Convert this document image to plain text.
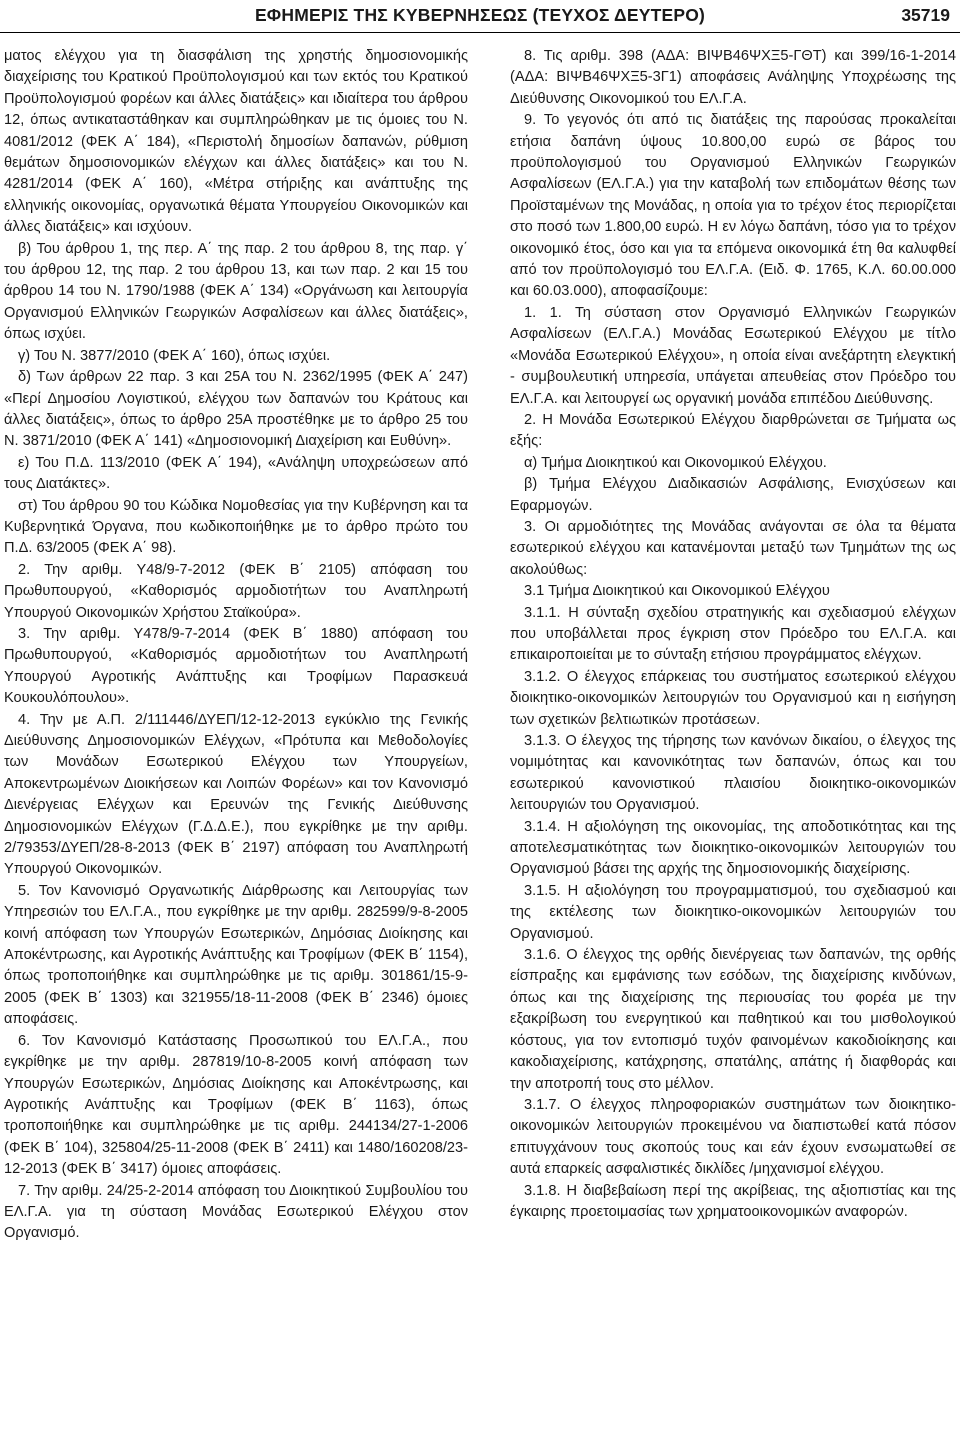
ΕΦΗΜΕΡΙΣ ΤΗΣ ΚΥΒΕΡΝΗΣΕΩΣ (ΤΕΥΧΟΣ ΔΕΥΤΕΡΟ)	35719

ματος ελέγχου για τη διασφάλιση της χρηστής δημοσιονομικής διαχείρισης του Κρατικού Προϋπολογισμού και των εκτός του Κρατικού Προϋπολογισμού φορέων και άλλες διατάξεις» και ιδιαίτερα του άρθρου 12, όπως αντικαταστάθηκαν και συμπληρώθηκαν με τις όμοιες του Ν. 4081/2012 (ΦΕΚ Α΄ 184), «Περιστολή δημοσίων δαπανών, ρύθμιση θεμάτων δημοσιονομικών ελέγχων και άλλες διατάξεις» και του Ν. 4281/2014 (ΦΕΚ Α΄ 160), «Μέτρα στήριξης και ανάπτυξης της ελληνικής οικονομίας, οργανωτικά θέματα Υπουργείου Οικονομικών και άλλες διατάξεις» και ισχύουν.

β) Του άρθρου 1, της περ. Α΄ της παρ. 2 του άρθρου 8, της παρ. γ΄ του άρθρου 12, της παρ. 2 του άρθρου 13, και των παρ. 2 και 15 του άρθρου 14 του Ν. 1790/1988 (ΦΕΚ Α΄ 134) «Οργάνωση και λειτουργία Οργανισμού Ελληνικών Γεωργικών Ασφαλίσεων και άλλες διατάξεις», όπως ισχύει.

γ) Του Ν. 3877/2010 (ΦΕΚ Α΄ 160), όπως ισχύει.

δ) Των άρθρων 22 παρ. 3 και 25Α του Ν. 2362/1995 (ΦΕΚ Α΄ 247) «Περί Δημοσίου Λογιστικού, ελέγχου των δαπανών του Κράτους και άλλες διατάξεις», όπως το άρθρο 25Α προστέθηκε με το άρθρο 25 του Ν. 3871/2010 (ΦΕΚ Α΄ 141) «Δημοσιονομική Διαχείριση και Ευθύνη».

ε) Του Π.Δ. 113/2010 (ΦΕΚ Α΄ 194), «Ανάληψη υποχρεώσεων από τους Διατάκτες».

στ) Του άρθρου 90 του Κώδικα Νομοθεσίας για την Κυβέρνηση και τα Κυβερνητικά Όργανα, που κωδικοποιήθηκε με το άρθρο πρώτο του Π.Δ. 63/2005 (ΦΕΚ Α΄ 98).

2. Την αριθμ. Υ48/9-7-2012 (ΦΕΚ Β΄ 2105) απόφαση του Πρωθυπουργού, «Καθορισμός αρμοδιοτήτων του Αναπληρωτή Υπουργού Οικονομικών Χρήστου Σταϊκούρα».

3. Την αριθμ. Υ478/9-7-2014 (ΦΕΚ Β΄ 1880) απόφαση του Πρωθυπουργού, «Καθορισμός αρμοδιοτήτων του Αναπληρωτή Υπουργού Αγροτικής Ανάπτυξης και Τροφίμων Παρασκευά Κουκουλόπουλου».

4. Την με Α.Π. 2/111446/ΔΥΕΠ/12-12-2013 εγκύκλιο της Γενικής Διεύθυνσης Δημοσιονομικών Ελέγχων, «Πρότυπα και Μεθοδολογίες των Μονάδων Εσωτερικού Ελέγχου των Υπουργείων, Αποκεντρωμένων Διοικήσεων και Λοιπών Φορέων» και τον Κανονισμό Διενέργειας Ελέγχων και Ερευνών της Γενικής Διεύθυνσης Δημοσιονομικών Ελέγχων (Γ.Δ.Δ.Ε.), που εγκρίθηκε με την αριθμ. 2/79353/ΔΥΕΠ/28-8-2013 (ΦΕΚ Β΄ 2197) απόφαση του Αναπληρωτή Υπουργού Οικονομικών.

5. Τον Κανονισμό Οργανωτικής Διάρθρωσης και Λειτουργίας των Υπηρεσιών του ΕΛ.Γ.Α., που εγκρίθηκε με την αριθμ. 282599/9-8-2005 κοινή απόφαση των Υπουργών Εσωτερικών, Δημόσιας Διοίκησης και Αποκέντρωσης, και Αγροτικής Ανάπτυξης και Τροφίμων (ΦΕΚ Β΄ 1154), όπως τροποποιήθηκε και συμπληρώθηκε με τις αριθμ. 301861/15-9-2005 (ΦΕΚ Β΄ 1303) και 321955/18-11-2008 (ΦΕΚ Β΄ 2346) όμοιες αποφάσεις.

6. Τον Κανονισμό Κατάστασης Προσωπικού του ΕΛ.Γ.Α., που εγκρίθηκε με την αριθμ. 287819/10-8-2005 κοινή απόφαση των Υπουργών Εσωτερικών, Δημόσιας Διοίκησης και Αποκέντρωσης, και Αγροτικής Ανάπτυξης και Τροφίμων (ΦΕΚ Β΄ 1163), όπως τροποποιήθηκε και συμπληρώθηκε με τις αριθμ. 244134/27-1-2006 (ΦΕΚ Β΄ 104), 325804/25-11-2008 (ΦΕΚ Β΄ 2411) και 1480/160208/23-12-2013 (ΦΕΚ Β΄ 3417) όμοιες αποφάσεις.

7. Την αριθμ. 24/25-2-2014 απόφαση του Διοικητικού Συμβουλίου του ΕΛ.Γ.Α. για τη σύσταση Μονάδας Εσωτερικού Ελέγχου στον Οργανισμό.

8. Τις αριθμ. 398 (ΑΔΑ: ΒΙΨΒ46ΨΧΞ5-ΓΘΤ) και 399/16-1-2014 (ΑΔΑ: ΒΙΨΒ46ΨΧΞ5-3Γ1) αποφάσεις Ανάληψης Υποχρέωσης της Διεύθυνσης Οικονομικού του ΕΛ.Γ.Α.

9. Το γεγονός ότι από τις διατάξεις της παρούσας προκαλείται ετήσια δαπάνη ύψους 10.800,00 ευρώ σε βάρος του προϋπολογισμού του Οργανισμού Ελληνικών Γεωργικών Ασφαλίσεων (ΕΛ.Γ.Α.) για την καταβολή των επιδομάτων θέσης των Προϊσταμένων της Μονάδας, η οποία για το τρέχον έτος περιορίζεται στο ποσό των 1.800,00 ευρώ. Η εν λόγω δαπάνη, τόσο για το τρέχον οικονομικό έτος, όσο και για τα επόμενα οικονομικά έτη θα καλυφθεί από τον προϋπολογισμό του ΕΛ.Γ.Α. (Ειδ. Φ. 1765, Κ.Λ. 60.00.000 και 60.03.000), αποφασίζουμε:

1. 1. Τη σύσταση στον Οργανισμό Ελληνικών Γεωργικών Ασφαλίσεων (ΕΛ.Γ.Α.) Μονάδας Εσωτερικού Ελέγχου με τίτλο «Μονάδα Εσωτερικού Ελέγχου», η οποία είναι ανεξάρτητη ελεγκτική - συμβουλευτική υπηρεσία, υπάγεται απευθείας στον Πρόεδρο του ΕΛ.Γ.Α. και λειτουργεί ως οργανική μονάδα επιπέδου Διεύθυνσης.

2. Η Μονάδα Εσωτερικού Ελέγχου διαρθρώνεται σε Τμήματα ως εξής:

α) Τμήμα Διοικητικού και Οικονομικού Ελέγχου.

β) Τμήμα Ελέγχου Διαδικασιών Ασφάλισης, Ενισχύσεων και Εφαρμογών.

3. Οι αρμοδιότητες της Μονάδας ανάγονται σε όλα τα θέματα εσωτερικού ελέγχου και κατανέμονται μεταξύ των Τμημάτων της ως ακολούθως:

3.1 Τμήμα Διοικητικού και Οικονομικού Ελέγχου

3.1.1. Η σύνταξη σχεδίου στρατηγικής και σχεδιασμού ελέγχων που υποβάλλεται προς έγκριση στον Πρόεδρο του ΕΛ.Γ.Α. και επικαιροποιείται με το σύνταξη ετήσιου προγράμματος ελέγχων.

3.1.2. Ο έλεγχος επάρκειας του συστήματος εσωτερικού ελέγχου διοικητικο-οικονομικών λειτουργιών του Οργανισμού και η εισήγηση των σχετικών βελτιωτικών προτάσεων.

3.1.3. Ο έλεγχος της τήρησης των κανόνων δικαίου, ο έλεγχος της νομιμότητας και κανονικότητας των δαπανών, όπως και του εσωτερικού κανονιστικού πλαισίου διοικητικο-οικονομικών λειτουργιών του Οργανισμού.

3.1.4. Η αξιολόγηση της οικονομίας, της αποδοτικότητας και της αποτελεσματικότητας των διοικητικο-οικονομικών λειτουργιών του Οργανισμού βάσει της αρχής της δημοσιονομικής διαχείρισης.

3.1.5. Η αξιολόγηση του προγραμματισμού, του σχεδιασμού και της εκτέλεσης των διοικητικο-οικονομικών λειτουργιών του Οργανισμού.

3.1.6. Ο έλεγχος της ορθής διενέργειας των δαπανών, της ορθής είσπραξης και εμφάνισης των εσόδων, της διαχείρισης κινδύνων, όπως και της διαχείρισης της περιουσίας του φορέα με την εξακρίβωση του ενεργητικού και παθητικού και του μισθολογικού κόστους, για τον εντοπισμό τυχόν φαινομένων κακοδιοίκησης και κακοδιαχείρισης, κατάχρησης, σπατάλης, απάτης ή διαφθοράς και την αποτροπή τους στο μέλλον.

3.1.7. Ο έλεγχος πληροφοριακών συστημάτων των διοικητικο-οικονομικών λειτουργιών προκειμένου να διαπιστωθεί κατά πόσον επιτυγχάνουν τους σκοπούς τους και εάν έχουν ενσωματωθεί σε αυτά επαρκείς ασφαλιστικές δικλίδες /μηχανισμοί ελέγχου.

3.1.8. Η διαβεβαίωση περί της ακρίβειας, της αξιοπιστίας και της έγκαιρης προετοιμασίας των χρηματοοικονομικών αναφορών.
